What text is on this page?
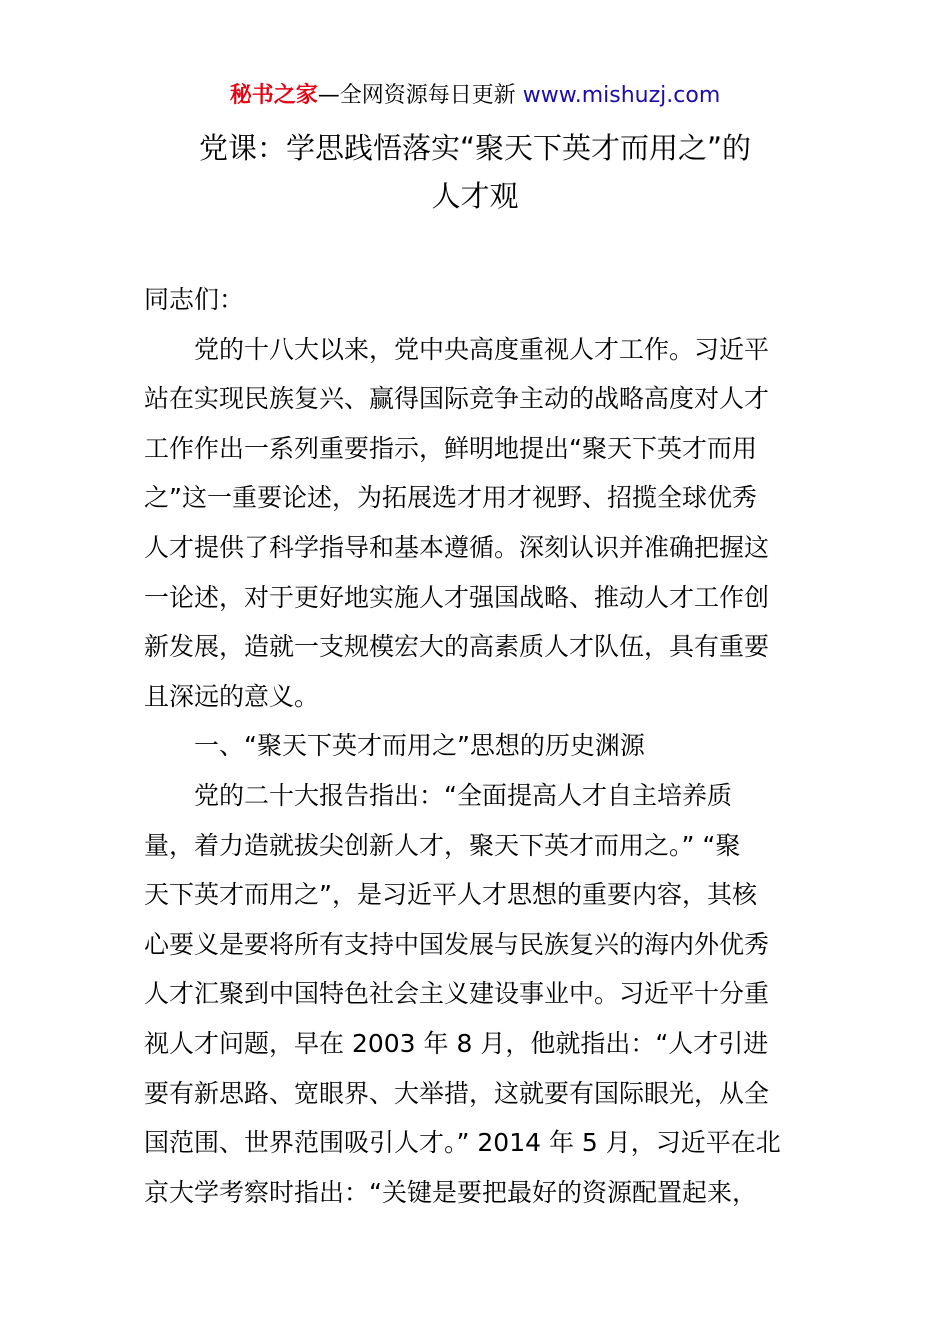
秘书之家—全网资源每日更新 www.mishuzj.com
党课：学思践悟落实“聚天下英才而用之”的
人才观
同志们：
党的十八大以来，党中央高度重视人才工作。习近平
站在实现民族复兴、赢得国际竞争主动的战略高度对人才
工作作出一系列重要指示，鲜明地提出“聚天下英才而用
之”这一重要论述，为拓展选才用才视野、招揽全球优秀
人才提供了科学指导和基本遵循。深刻认识并准确把握这
一论述，对于更好地实施人才强国战略、推动人才工作创
新发展，造就一支规模宏大的高素质人才队伍，具有重要
且深远的意义。
一、“聚天下英才而用之”思想的历史渊源
党的二十大报告指出：“全面提高人才自主培养质
量，着力造就拔尖创新人才，聚天下英才而用之。” “聚
天下英才而用之”，是习近平人才思想的重要内容，其核
心要义是要将所有支持中国发展与民族复兴的海内外优秀
人才汇聚到中国特色社会主义建设事业中。习近平十分重
视人才问题，早在 2003 年 8 月，他就指出：“人才引进
要有新思路、宽眼界、大举措，这就要有国际眼光，从全
国范围、世界范围吸引人才。” 2014 年 5 月，习近平在北
京大学考察时指出：“关键是要把最好的资源配置起来，
